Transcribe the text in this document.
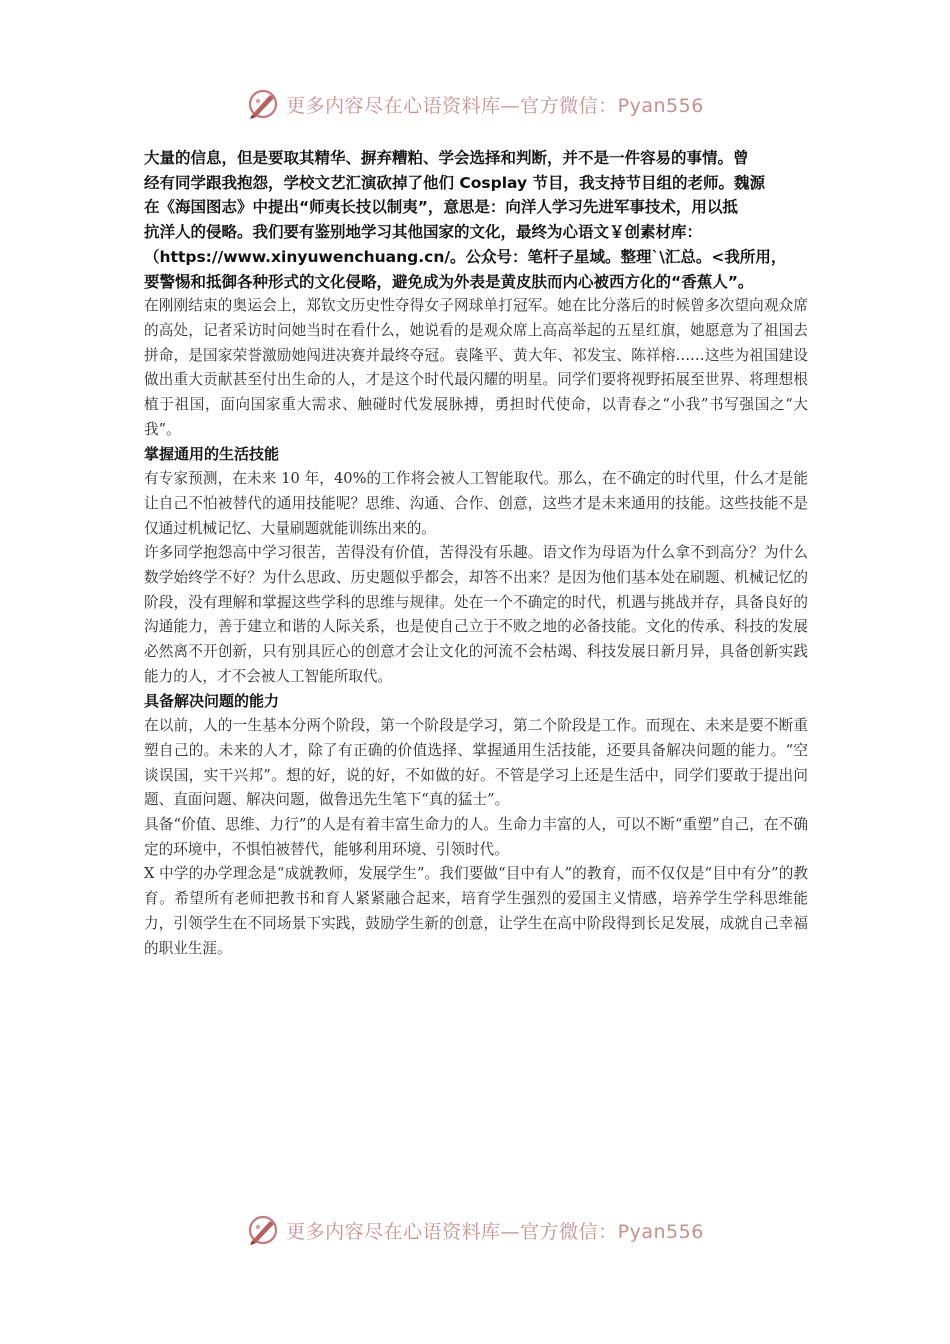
更多内容尽在心语资料库—官方微信：Pyan556

大量的信息，但是要取其精华、摒弃糟粕、学会选择和判断，并不是一件容易的事情。曾

经有同学跟我抱怨，学校文艺汇演砍掉了他们 Cosplay 节目，我支持节目组的老师。魏源

在《海国图志》中提出“师夷长技以制夷”，意思是：向洋人学习先进军事技术，用以抵

抗洋人的侵略。我们要有鉴别地学习其他国家的文化，最终为心语文￥创素材库：

（https://www.xinyuwenchuang.cn/。公众号：笔杆子星域。整理`\汇总。<我所用，

要警惕和抵御各种形式的文化侵略，避免成为外表是黄皮肤而内心被西方化的“香蕉人”。

在刚刚结束的奥运会上，郑钦文历史性夺得女子网球单打冠军。她在比分落后的时候曾多次望向观众席的高处，记者采访时问她当时在看什么，她说看的是观众席上高高举起的五星红旗，她愿意为了祖国去拼命，是国家荣誉激励她闯进决赛并最终夺冠。袁隆平、黄大年、祁发宝、陈祥榕……这些为祖国建设做出重大贡献甚至付出生命的人，才是这个时代最闪耀的明星。同学们要将视野拓展至世界、将理想根植于祖国，面向国家重大需求、触碰时代发展脉搏，勇担时代使命，以青春之“小我”书写强国之“大我”。

掌握通用的生活技能

有专家预测，在未来 10 年，40%的工作将会被人工智能取代。那么，在不确定的时代里，什么才是能让自己不怕被替代的通用技能呢？思维、沟通、合作、创意，这些才是未来通用的技能。这些技能不是仅通过机械记忆、大量刷题就能训练出来的。

许多同学抱怨高中学习很苦，苦得没有价值，苦得没有乐趣。语文作为母语为什么拿不到高分？为什么数学始终学不好？为什么思政、历史题似乎都会，却答不出来？是因为他们基本处在刷题、机械记忆的阶段，没有理解和掌握这些学科的思维与规律。处在一个不确定的时代，机遇与挑战并存，具备良好的沟通能力，善于建立和谐的人际关系，也是使自己立于不败之地的必备技能。文化的传承、科技的发展必然离不开创新，只有别具匠心的创意才会让文化的河流不会枯竭、科技发展日新月异，具备创新实践能力的人，才不会被人工智能所取代。

具备解决问题的能力

在以前，人的一生基本分两个阶段，第一个阶段是学习，第二个阶段是工作。而现在、未来是要不断重塑自己的。未来的人才，除了有正确的价值选择、掌握通用生活技能，还要具备解决问题的能力。“空谈误国，实干兴邦”。想的好，说的好，不如做的好。不管是学习上还是生活中，同学们要敢于提出问题、直面问题、解决问题，做鲁迅先生笔下“真的猛士”。

具备“价值、思维、力行”的人是有着丰富生命力的人。生命力丰富的人，可以不断“重塑”自己，在不确定的环境中，不惧怕被替代，能够利用环境、引领时代。

X 中学的办学理念是“成就教师，发展学生”。我们要做“目中有人”的教育，而不仅仅是“目中有分”的教育。希望所有老师把教书和育人紧紧融合起来，培育学生强烈的爱国主义情感，培养学生学科思维能力，引领学生在不同场景下实践，鼓励学生新的创意，让学生在高中阶段得到长足发展，成就自己幸福的职业生涯。

更多内容尽在心语资料库—官方微信：Pyan556
